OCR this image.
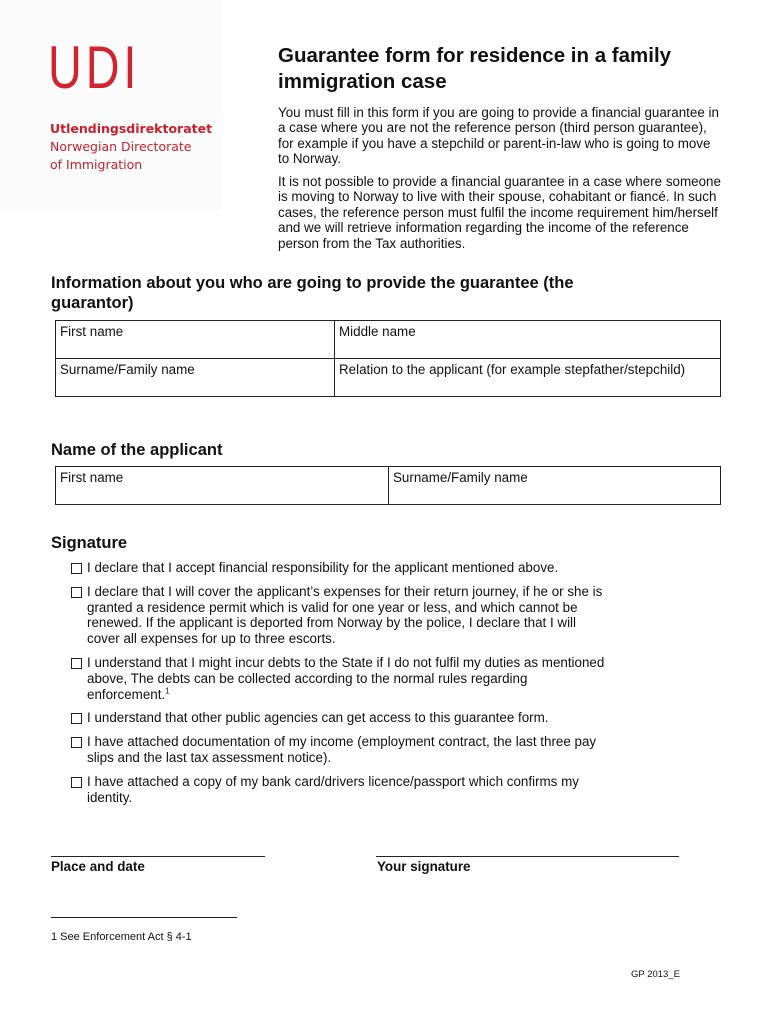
UDI
Utlendingsdirektoratet
Norwegian Directorate
of Immigration
Guarantee form for residence in a family immigration case

You must fill in this form if you are going to provide a financial guarantee in a case where you are not the reference person (third person guarantee), for example if you have a stepchild or parent-in-law who is going to move to Norway.

It is not possible to provide a financial guarantee in a case where someone is moving to Norway to live with their spouse, cohabitant or fiancé. In such cases, the reference person must fulfil the income requirement him/herself and we will retrieve information regarding the income of the reference person from the Tax authorities.

Information about you who are going to provide the guarantee (the guarantor)
First name	Middle name
Surname/Family name	Relation to the applicant (for example stepfather/stepchild)
Name of the applicant
First name	Surname/Family name
Signature
I declare that I accept financial responsibility for the applicant mentioned above.
I declare that I will cover the applicant’s expenses for their return journey, if he or she is granted a residence permit which is valid for one year or less, and which cannot be renewed. If the applicant is deported from Norway by the police, I declare that I will cover all expenses for up to three escorts.
I understand that I might incur debts to the State if I do not fulfil my duties as mentioned above, The debts can be collected according to the normal rules regarding enforcement.$^1$
I understand that other public agencies can get access to this guarantee form.
I have attached documentation of my income (employment contract, the last three pay slips and the last tax assessment notice).
I have attached a copy of my bank card/drivers licence/passport which confirms my identity.
Place and date	Your signature
1 See Enforcement Act § 4-1
GP 2013_E
